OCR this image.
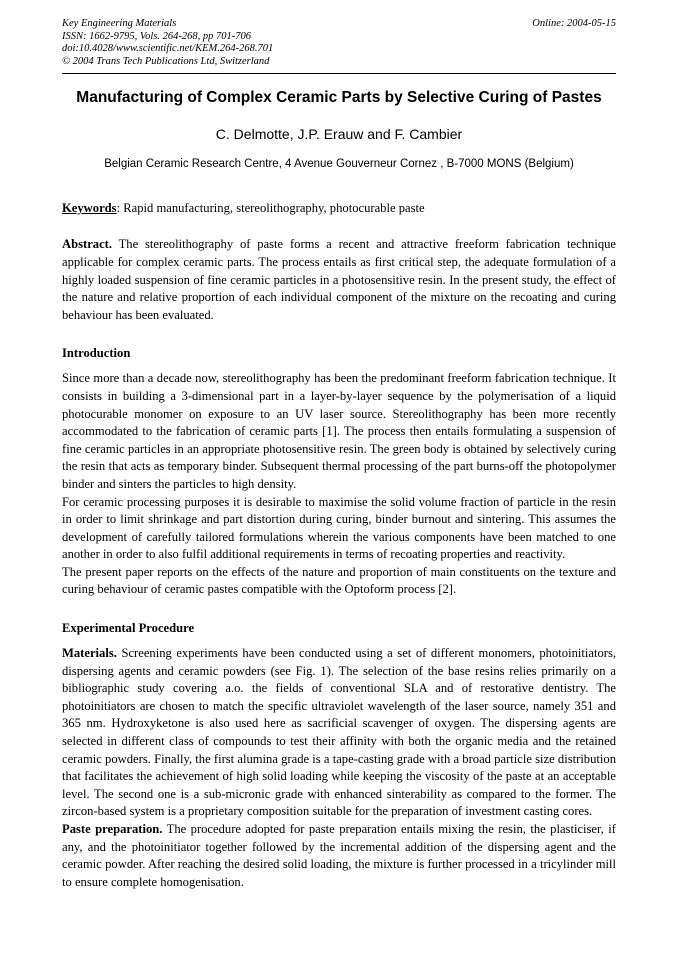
Key Engineering Materials
ISSN: 1662-9795, Vols. 264-268, pp 701-706
doi:10.4028/www.scientific.net/KEM.264-268.701
© 2004 Trans Tech Publications Ltd, Switzerland
Online: 2004-05-15
Manufacturing of Complex Ceramic Parts by Selective Curing of Pastes
C. Delmotte, J.P. Erauw and F. Cambier
Belgian Ceramic Research Centre, 4 Avenue Gouverneur Cornez , B-7000 MONS (Belgium)
Keywords: Rapid manufacturing, stereolithography, photocurable paste
Abstract. The stereolithography of paste forms a recent and attractive freeform fabrication technique applicable for complex ceramic parts. The process entails as first critical step, the adequate formulation of a highly loaded suspension of fine ceramic particles in a photosensitive resin. In the present study, the effect of the nature and relative proportion of each individual component of the mixture on the recoating and curing behaviour has been evaluated.
Introduction

Since more than a decade now, stereolithography has been the predominant freeform fabrication technique. It consists in building a 3-dimensional part in a layer-by-layer sequence by the polymerisation of a liquid photocurable monomer on exposure to an UV laser source. Stereolithography has been more recently accommodated to the fabrication of ceramic parts [1]. The process then entails formulating a suspension of fine ceramic particles in an appropriate photosensitive resin. The green body is obtained by selectively curing the resin that acts as temporary binder. Subsequent thermal processing of the part burns-off the photopolymer binder and sinters the particles to high density.

For ceramic processing purposes it is desirable to maximise the solid volume fraction of particle in the resin in order to limit shrinkage and part distortion during curing, binder burnout and sintering. This assumes the development of carefully tailored formulations wherein the various components have been matched to one another in order to also fulfil additional requirements in terms of recoating properties and reactivity.

The present paper reports on the effects of the nature and proportion of main constituents on the texture and curing behaviour of ceramic pastes compatible with the Optoform process [2].

Experimental Procedure

Materials. Screening experiments have been conducted using a set of different monomers, photoinitiators, dispersing agents and ceramic powders (see Fig. 1). The selection of the base resins relies primarily on a bibliographic study covering a.o. the fields of conventional SLA and of restorative dentistry. The photoinitiators are chosen to match the specific ultraviolet wavelength of the laser source, namely 351 and 365 nm. Hydroxyketone is also used here as sacrificial scavenger of oxygen. The dispersing agents are selected in different class of compounds to test their affinity with both the organic media and the retained ceramic powders. Finally, the first alumina grade is a tape-casting grade with a broad particle size distribution that facilitates the achievement of high solid loading while keeping the viscosity of the paste at an acceptable level. The second one is a sub-micronic grade with enhanced sinterability as compared to the former. The zircon-based system is a proprietary composition suitable for the preparation of investment casting cores.

Paste preparation. The procedure adopted for paste preparation entails mixing the resin, the plasticiser, if any, and the photoinitiator together followed by the incremental addition of the dispersing agent and the ceramic powder. After reaching the desired solid loading, the mixture is further processed in a tricylinder mill to ensure complete homogenisation.
